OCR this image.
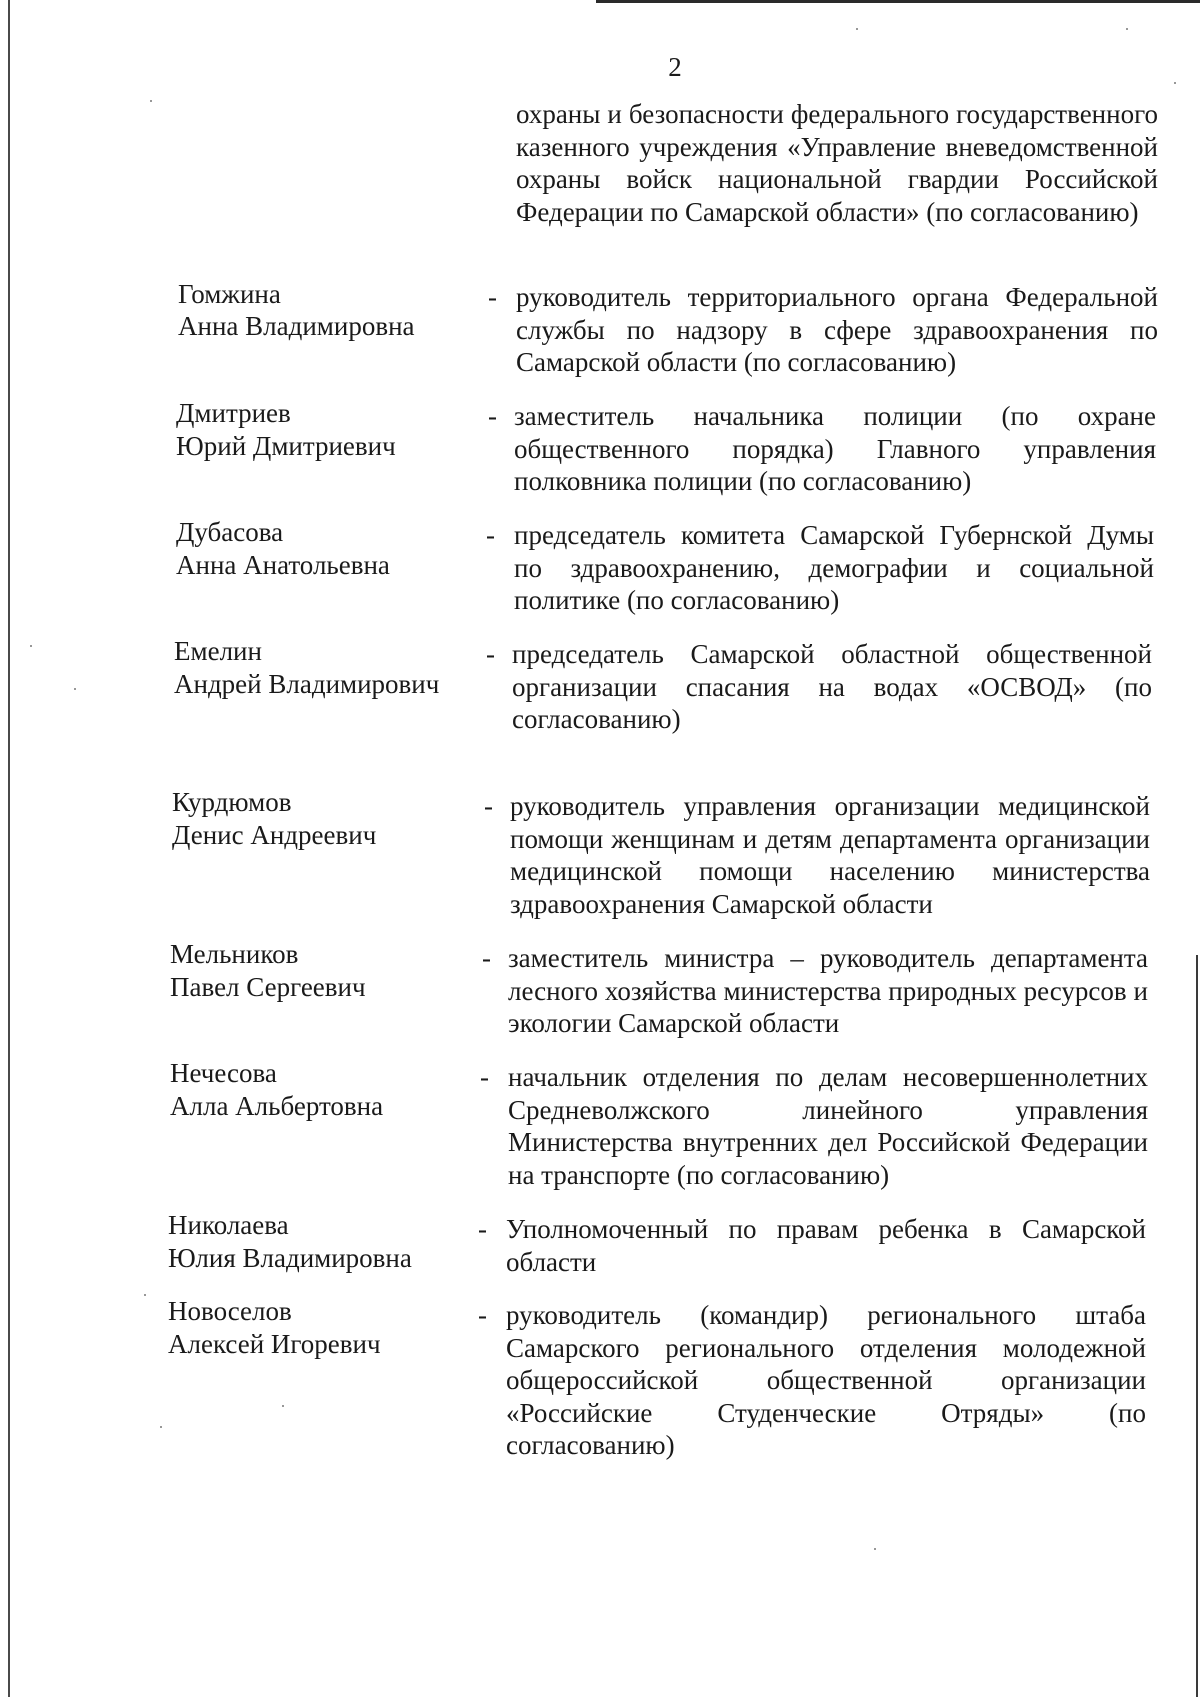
2
охраны и безопасности федерального государственного казенного учреждения «Управление вневедомственной охраны войск национальной гвардии Российской Федерации по Самарской области» (по согласованию)
Гомжина
Анна Владимировна
- руководитель территориального органа Федеральной службы по надзору в сфере здравоохранения по Самарской области (по согласованию)
Дмитриев
Юрий Дмитриевич
- заместитель начальника полиции (по охране общественного порядка) Главного управления полковника полиции (по согласованию)
Дубасова
Анна Анатольевна
- председатель комитета Самарской Губернской Думы по здравоохранению, демографии и социальной политике (по согласованию)
Емелин
Андрей Владимирович
- председатель Самарской областной общественной организации спасания на водах «ОСВОД» (по согласованию)
Курдюмов
Денис Андреевич
- руководитель управления организации медицинской помощи женщинам и детям департамента организации медицинской помощи населению министерства здравоохранения Самарской области
Мельников
Павел Сергеевич
- заместитель министра – руководитель департамента лесного хозяйства министерства природных ресурсов и экологии Самарской области
Нечесова
Алла Альбертовна
- начальник отделения по делам несовершеннолетних Средневолжского линейного управления Министерства внутренних дел Российской Федерации на транспорте (по согласованию)
Николаева
Юлия Владимировна
- Уполномоченный по правам ребенка в Самарской области
Новоселов
Алексей Игоревич
- руководитель (командир) регионального штаба Самарского регионального отделения молодежной общероссийской общественной организации «Российские Студенческие Отряды» (по согласованию)
